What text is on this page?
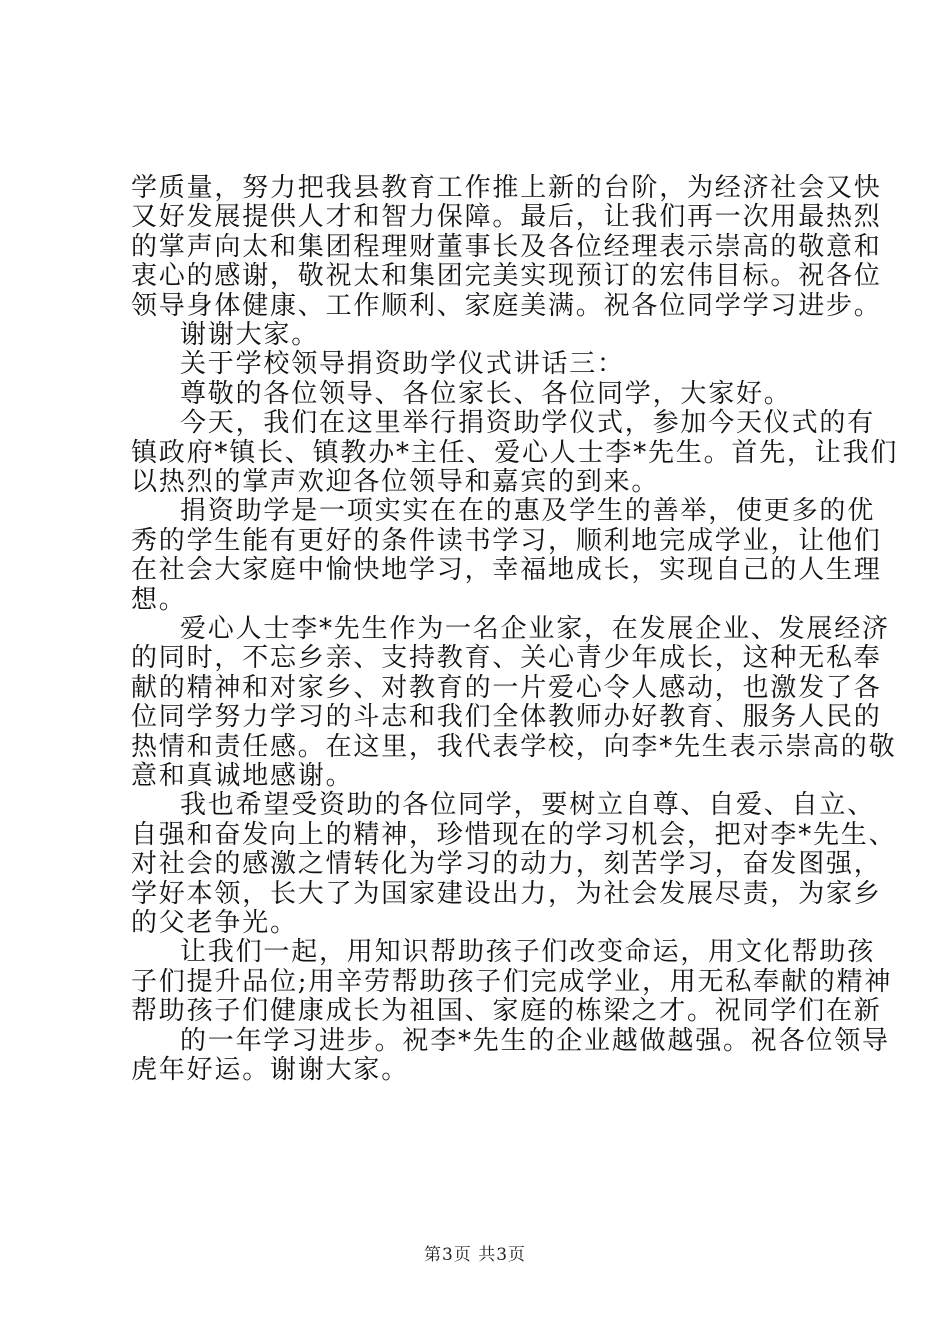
学质量，努力把我县教育工作推上新的台阶，为经济社会又快
又好发展提供人才和智力保障。最后，让我们再一次用最热烈
的掌声向太和集团程理财董事长及各位经理表示崇高的敬意和
衷心的感谢，敬祝太和集团完美实现预订的宏伟目标。祝各位
领导身体健康、工作顺利、家庭美满。祝各位同学学习进步。
谢谢大家。
关于学校领导捐资助学仪式讲话三：
尊敬的各位领导、各位家长、各位同学，大家好。
今天，我们在这里举行捐资助学仪式，参加今天仪式的有
镇政府*镇长、镇教办*主任、爱心人士李*先生。首先，让我们
以热烈的掌声欢迎各位领导和嘉宾的到来。
捐资助学是一项实实在在的惠及学生的善举，使更多的优
秀的学生能有更好的条件读书学习，顺利地完成学业，让他们
在社会大家庭中愉快地学习，幸福地成长，实现自己的人生理
想。
爱心人士李*先生作为一名企业家，在发展企业、发展经济
的同时，不忘乡亲、支持教育、关心青少年成长，这种无私奉
献的精神和对家乡、对教育的一片爱心令人感动，也激发了各
位同学努力学习的斗志和我们全体教师办好教育、服务人民的
热情和责任感。在这里，我代表学校，向李*先生表示崇高的敬
意和真诚地感谢。
我也希望受资助的各位同学，要树立自尊、自爱、自立、
自强和奋发向上的精神，珍惜现在的学习机会，把对李*先生、
对社会的感激之情转化为学习的动力，刻苦学习，奋发图强，
学好本领，长大了为国家建设出力，为社会发展尽责，为家乡
的父老争光。
让我们一起，用知识帮助孩子们改变命运，用文化帮助孩
子们提升品位;用辛劳帮助孩子们完成学业，用无私奉献的精神
帮助孩子们健康成长为祖国、家庭的栋梁之才。祝同学们在新
的一年学习进步。祝李*先生的企业越做越强。祝各位领导
虎年好运。谢谢大家。
第3页 共3页
